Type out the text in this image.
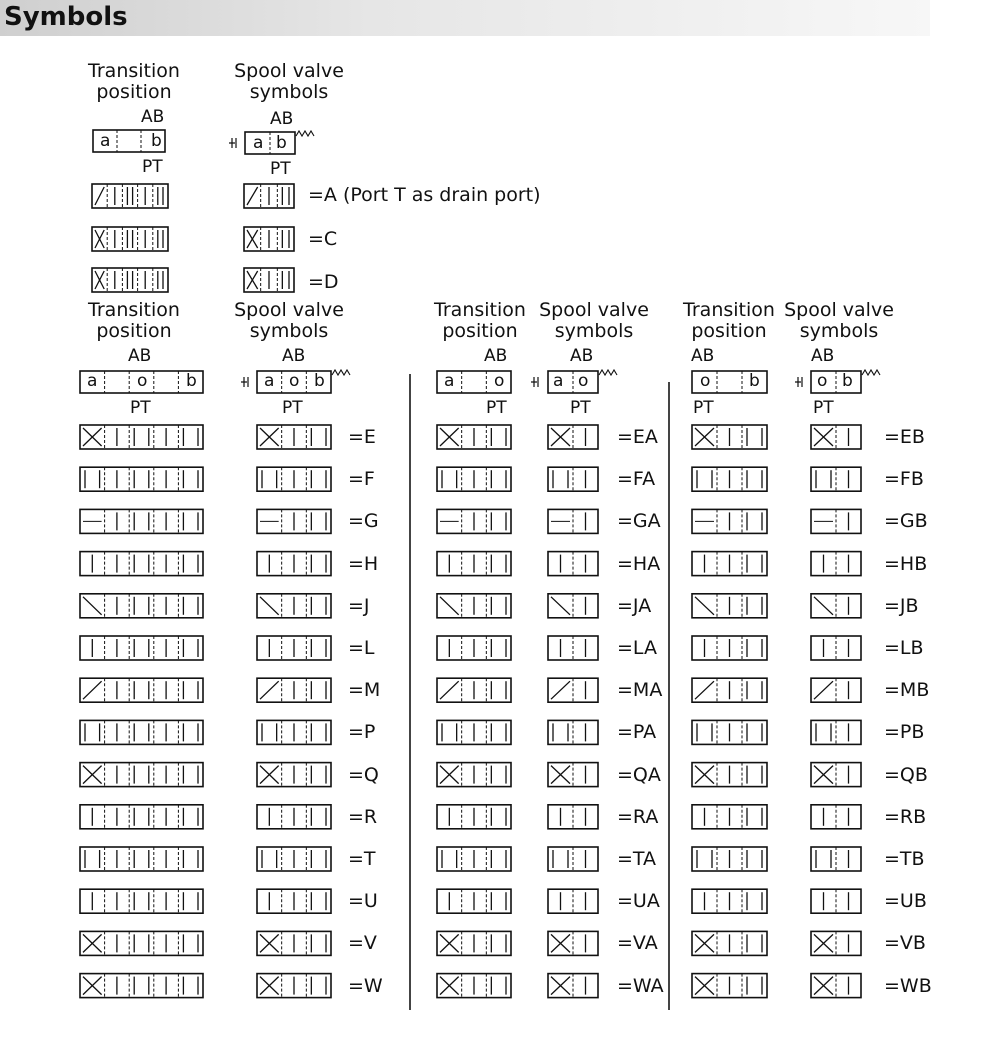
Symbols
Transition
position
Spool valve
symbols
Transition
position
Spool valve
symbols
Transition
position
Spool valve
symbols
Transition
position
Spool valve
symbols
AB
PT
AB
PT
AB
PT
AB
PT
AB
PT
AB
PT
AB
PT
AB
PT
a b	a b
a o b	a o b	a o	a o	o b	o b
=A (Port T as drain port)
=C
=D
=E
=F
=G
=H
=J
=L
=M
=P
=Q
=R
=T
=U
=V
=W
=EA
=FA
=GA
=HA
=JA
=LA
=MA
=PA
=QA
=RA
=TA
=UA
=VA
=WA
=EB
=FB
=GB
=HB
=JB
=LB
=MB
=PB
=QB
=RB
=TB
=UB
=VB
=WB
